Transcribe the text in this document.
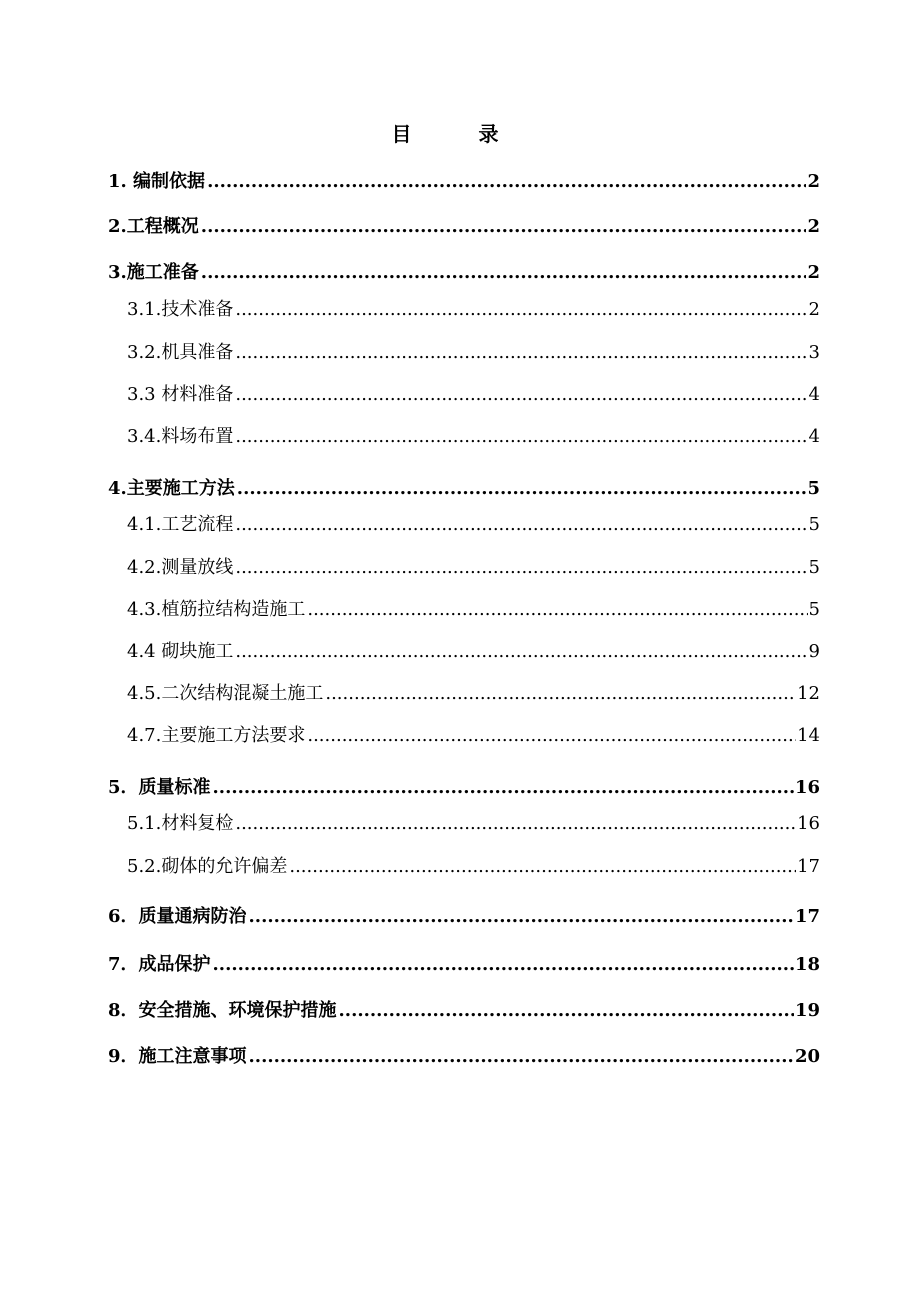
目 录
1. 编制依据 .....	2
2.工程概况 .....	2
3.施工准备 .....	2
3.1.技术准备 .....	2
3.2.机具准备 .....	3
3.3 材料准备 .....	4
3.4.料场布置 .....	4
4.主要施工方法 .....	5
4.1.工艺流程 .....	5
4.2.测量放线 .....	5
4.3.植筋拉结构造施工 .....	5
4.4 砌块施工 .....	9
4.5.二次结构混凝土施工 .....	12
4.7.主要施工方法要求 .....	14
5．质量标准 .....	16
5.1.材料复检 .....	16
5.2.砌体的允许偏差 .....	17
6．质量通病防治 .....	17
7．成品保护 .....	18
8．安全措施、环境保护措施 .....	19
9．施工注意事项 .....	20
